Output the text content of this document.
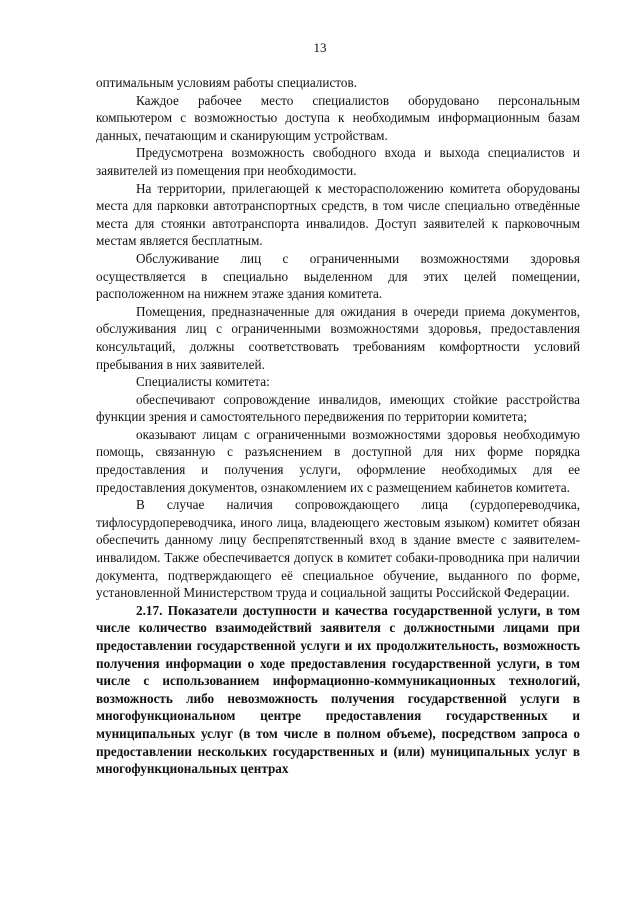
13

оптимальным условиям работы специалистов.

Каждое рабочее место специалистов оборудовано персональным компьютером с возможностью доступа к необходимым информационным базам данных, печатающим и сканирующим устройствам.

Предусмотрена возможность свободного входа и выхода специалистов и заявителей из помещения при необходимости.

На территории, прилегающей к месторасположению комитета оборудованы места для парковки автотранспортных средств, в том числе специально отведённые места для стоянки автотранспорта инвалидов. Доступ заявителей к парковочным местам является бесплатным.

Обслуживание лиц с ограниченными возможностями здоровья осуществляется в специально выделенном для этих целей помещении, расположенном на нижнем этаже здания комитета.

Помещения, предназначенные для ожидания в очереди приема документов, обслуживания лиц с ограниченными возможностями здоровья, предоставления консультаций, должны соответствовать требованиям комфортности условий пребывания в них заявителей.

Специалисты комитета:

обеспечивают сопровождение инвалидов, имеющих стойкие расстройства функции зрения и самостоятельного передвижения по территории комитета;

оказывают лицам с ограниченными возможностями здоровья необходимую помощь, связанную с разъяснением в доступной для них форме порядка предоставления и получения услуги, оформление необходимых для ее предоставления документов, ознакомлением их с размещением кабинетов комитета.

В случае наличия сопровождающего лица (сурдопереводчика, тифлосурдопереводчика, иного лица, владеющего жестовым языком) комитет обязан обеспечить данному лицу беспрепятственный вход в здание вместе с заявителем-инвалидом. Также обеспечивается допуск в комитет собаки-проводника при наличии документа, подтверждающего её специальное обучение, выданного по форме, установленной Министерством труда и социальной защиты Российской Федерации.

2.17. Показатели доступности и качества государственной услуги, в том числе количество взаимодействий заявителя с должностными лицами при предоставлении государственной услуги и их продолжительность, возможность получения информации о ходе предоставления государственной услуги, в том числе с использованием информационно-коммуникационных технологий, возможность либо невозможность получения государственной услуги в многофункциональном центре предоставления государственных и муниципальных услуг (в том числе в полном объеме), посредством запроса о предоставлении нескольких государственных и (или) муниципальных услуг в многофункциональных центрах
